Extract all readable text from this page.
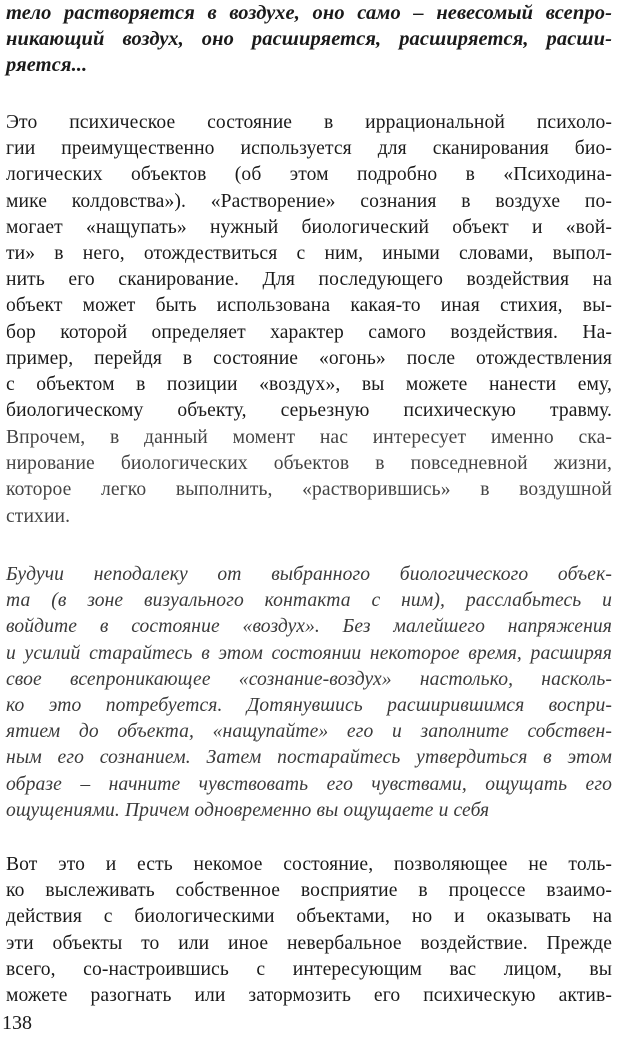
тело растворяется в воздухе, оно само – невесомый всепро-
никающий воздух, оно расширяется, расширяется, расши-
ряется...
Это психическое состояние в иррациональной психоло-
гии преимущественно используется для сканирования био-
логических объектов (об этом подробно в «Психодина-
мике колдовства»). «Растворение» сознания в воздухе по-
могает «нащупать» нужный биологический объект и «вой-
ти» в него, отождествиться с ним, иными словами, выпол-
нить его сканирование. Для последующего воздействия на
объект может быть использована какая-то иная стихия, вы-
бор которой определяет характер самого воздействия. На-
пример, перейдя в состояние «огонь» после отождествления
с объектом в позиции «воздух», вы можете нанести ему,
биологическому объекту, серьезную психическую травму.
Впрочем, в данный момент нас интересует именно ска-
нирование биологических объектов в повседневной жизни,
которое легко выполнить, «растворившись» в воздушной
стихии.
Будучи неподалеку от выбранного биологического объек-
та (в зоне визуального контакта с ним), расслабьтесь и
войдите в состояние «воздух». Без малейшего напряжения
и усилий старайтесь в этом состоянии некоторое время, расширяя
свое всепроникающее «сознание-воздух» настолько, насколь-
ко это потребуется. Дотянувшись расширившимся воспри-
ятием до объекта, «нащупайте» его и заполните собствен-
ным его сознанием. Затем постарайтесь утвердиться в этом
образе – начните чувствовать его чувствами, ощущать его
ощущениями. Причем одновременно вы ощущаете и себя
Вот это и есть некомое состояние, позволяющее не толь-
ко выслеживать собственное восприятие в процессе взаимо-
действия с биологическими объектами, но и оказывать на
эти объекты то или иное невербальное воздействие. Прежде
всего, со-настроившись с интересующим вас лицом, вы
можете разогнать или затормозить его психическую актив-
138
